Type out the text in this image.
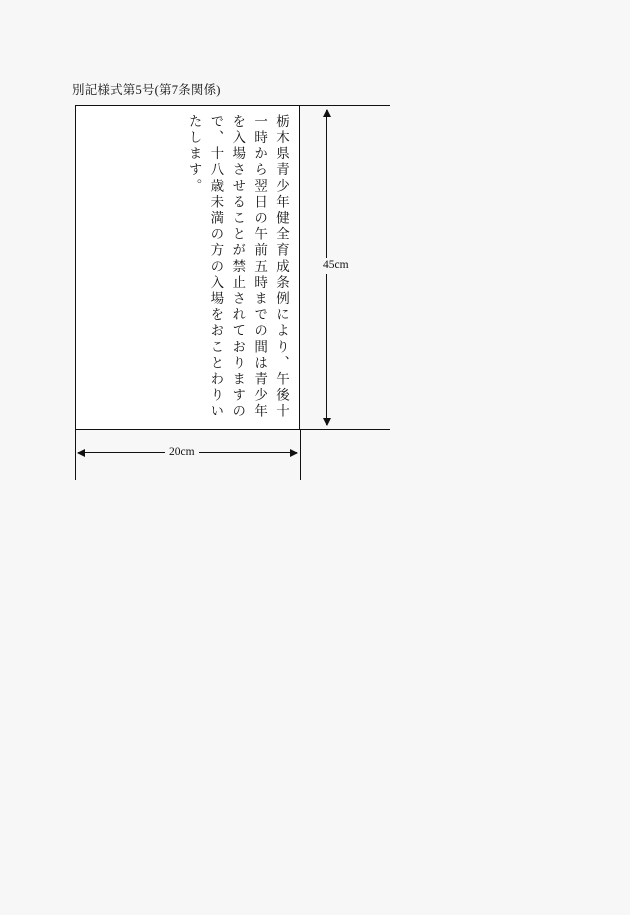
別記様式第5号(第7条関係)
栃木県青少年健全育成条例により、午後十一時から翌日の午前五時までの間は青少年を入場させることが禁止されておりますので、十八歳未満の方の入場をおことわりいたします。
45cm
20cm
